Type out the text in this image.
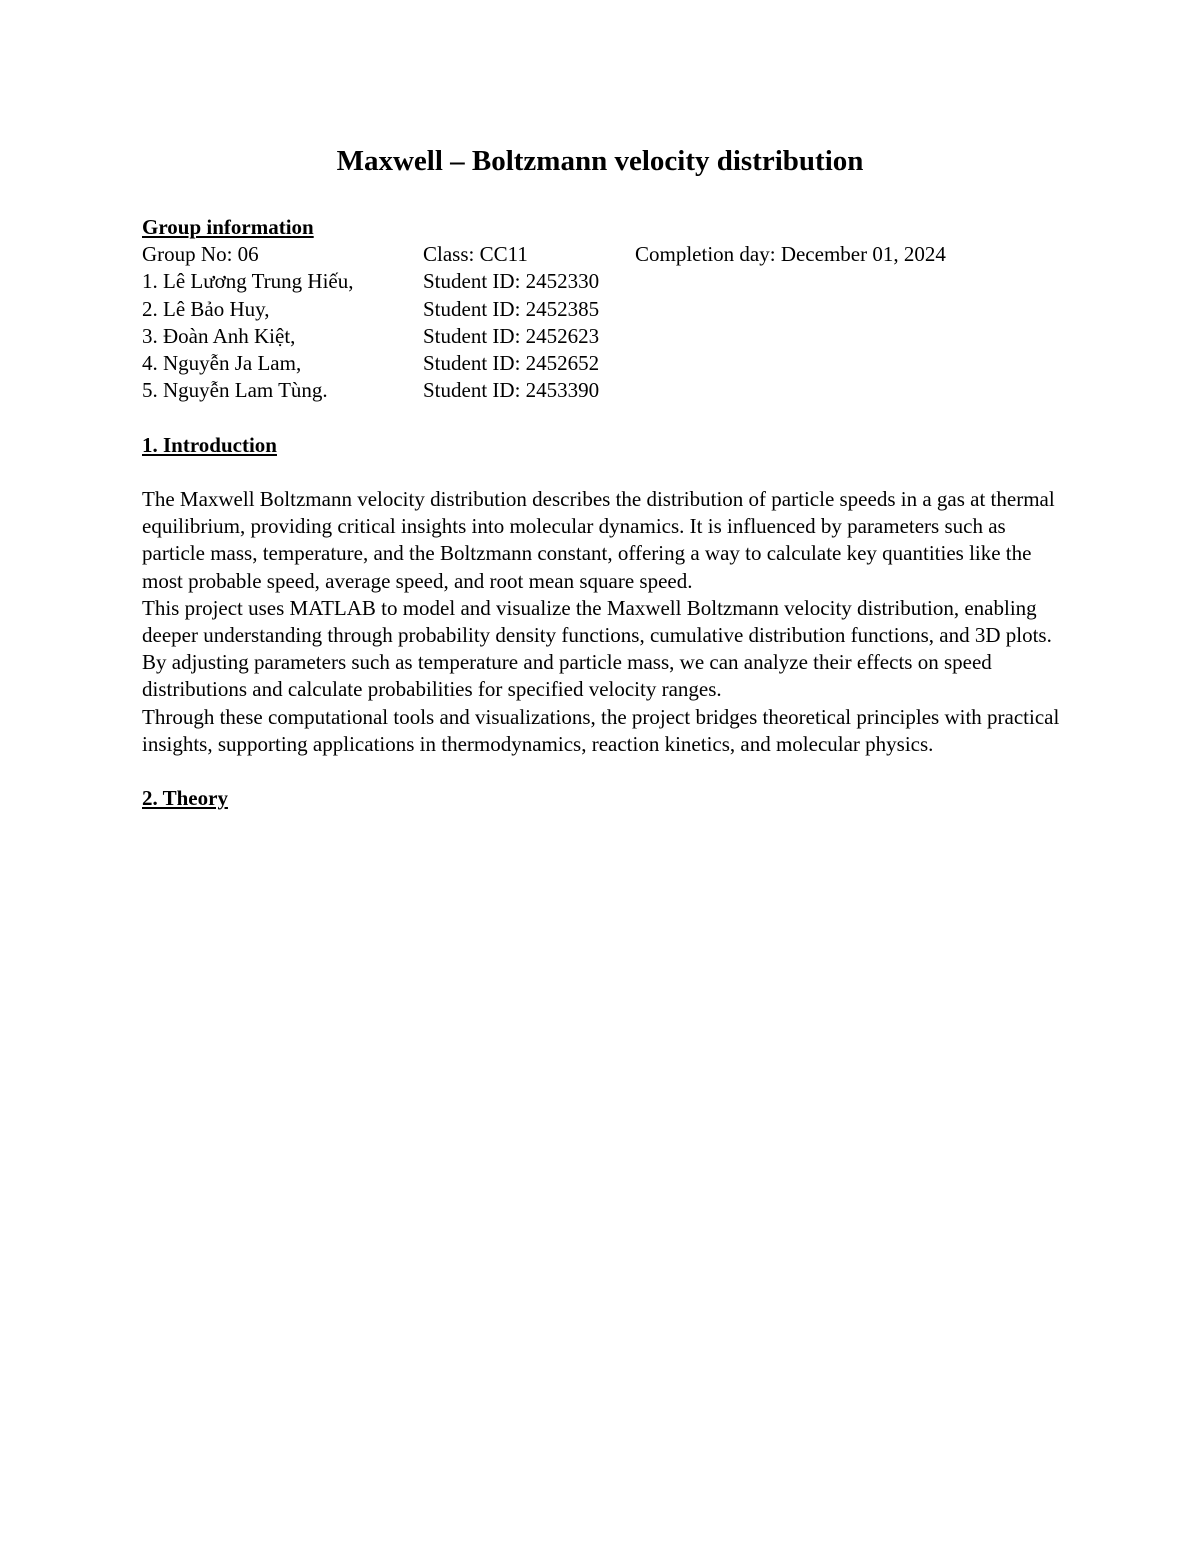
Maxwell – Boltzmann velocity distribution
Group information
Group No: 06	Class: CC11	Completion day: December 01, 2024
1. Lê Lương Trung Hiếu,	Student ID: 2452330
2. Lê Bảo Huy,	Student ID: 2452385
3. Đoàn Anh Kiệt,	Student ID: 2452623
4. Nguyễn Ja Lam,	Student ID: 2452652
5. Nguyễn Lam Tùng.	Student ID: 2453390
1. Introduction

The Maxwell Boltzmann velocity distribution describes the distribution of particle speeds in a gas at thermal equilibrium, providing critical insights into molecular dynamics. It is influenced by parameters such as particle mass, temperature, and the Boltzmann constant, offering a way to calculate key quantities like the most probable speed, average speed, and root mean square speed.

This project uses MATLAB to model and visualize the Maxwell Boltzmann velocity distribution, enabling deeper understanding through probability density functions, cumulative distribution functions, and 3D plots. By adjusting parameters such as temperature and particle mass, we can analyze their effects on speed distributions and calculate probabilities for specified velocity ranges.

Through these computational tools and visualizations, the project bridges theoretical principles with practical insights, supporting applications in thermodynamics, reaction kinetics, and molecular physics.

2. Theory
